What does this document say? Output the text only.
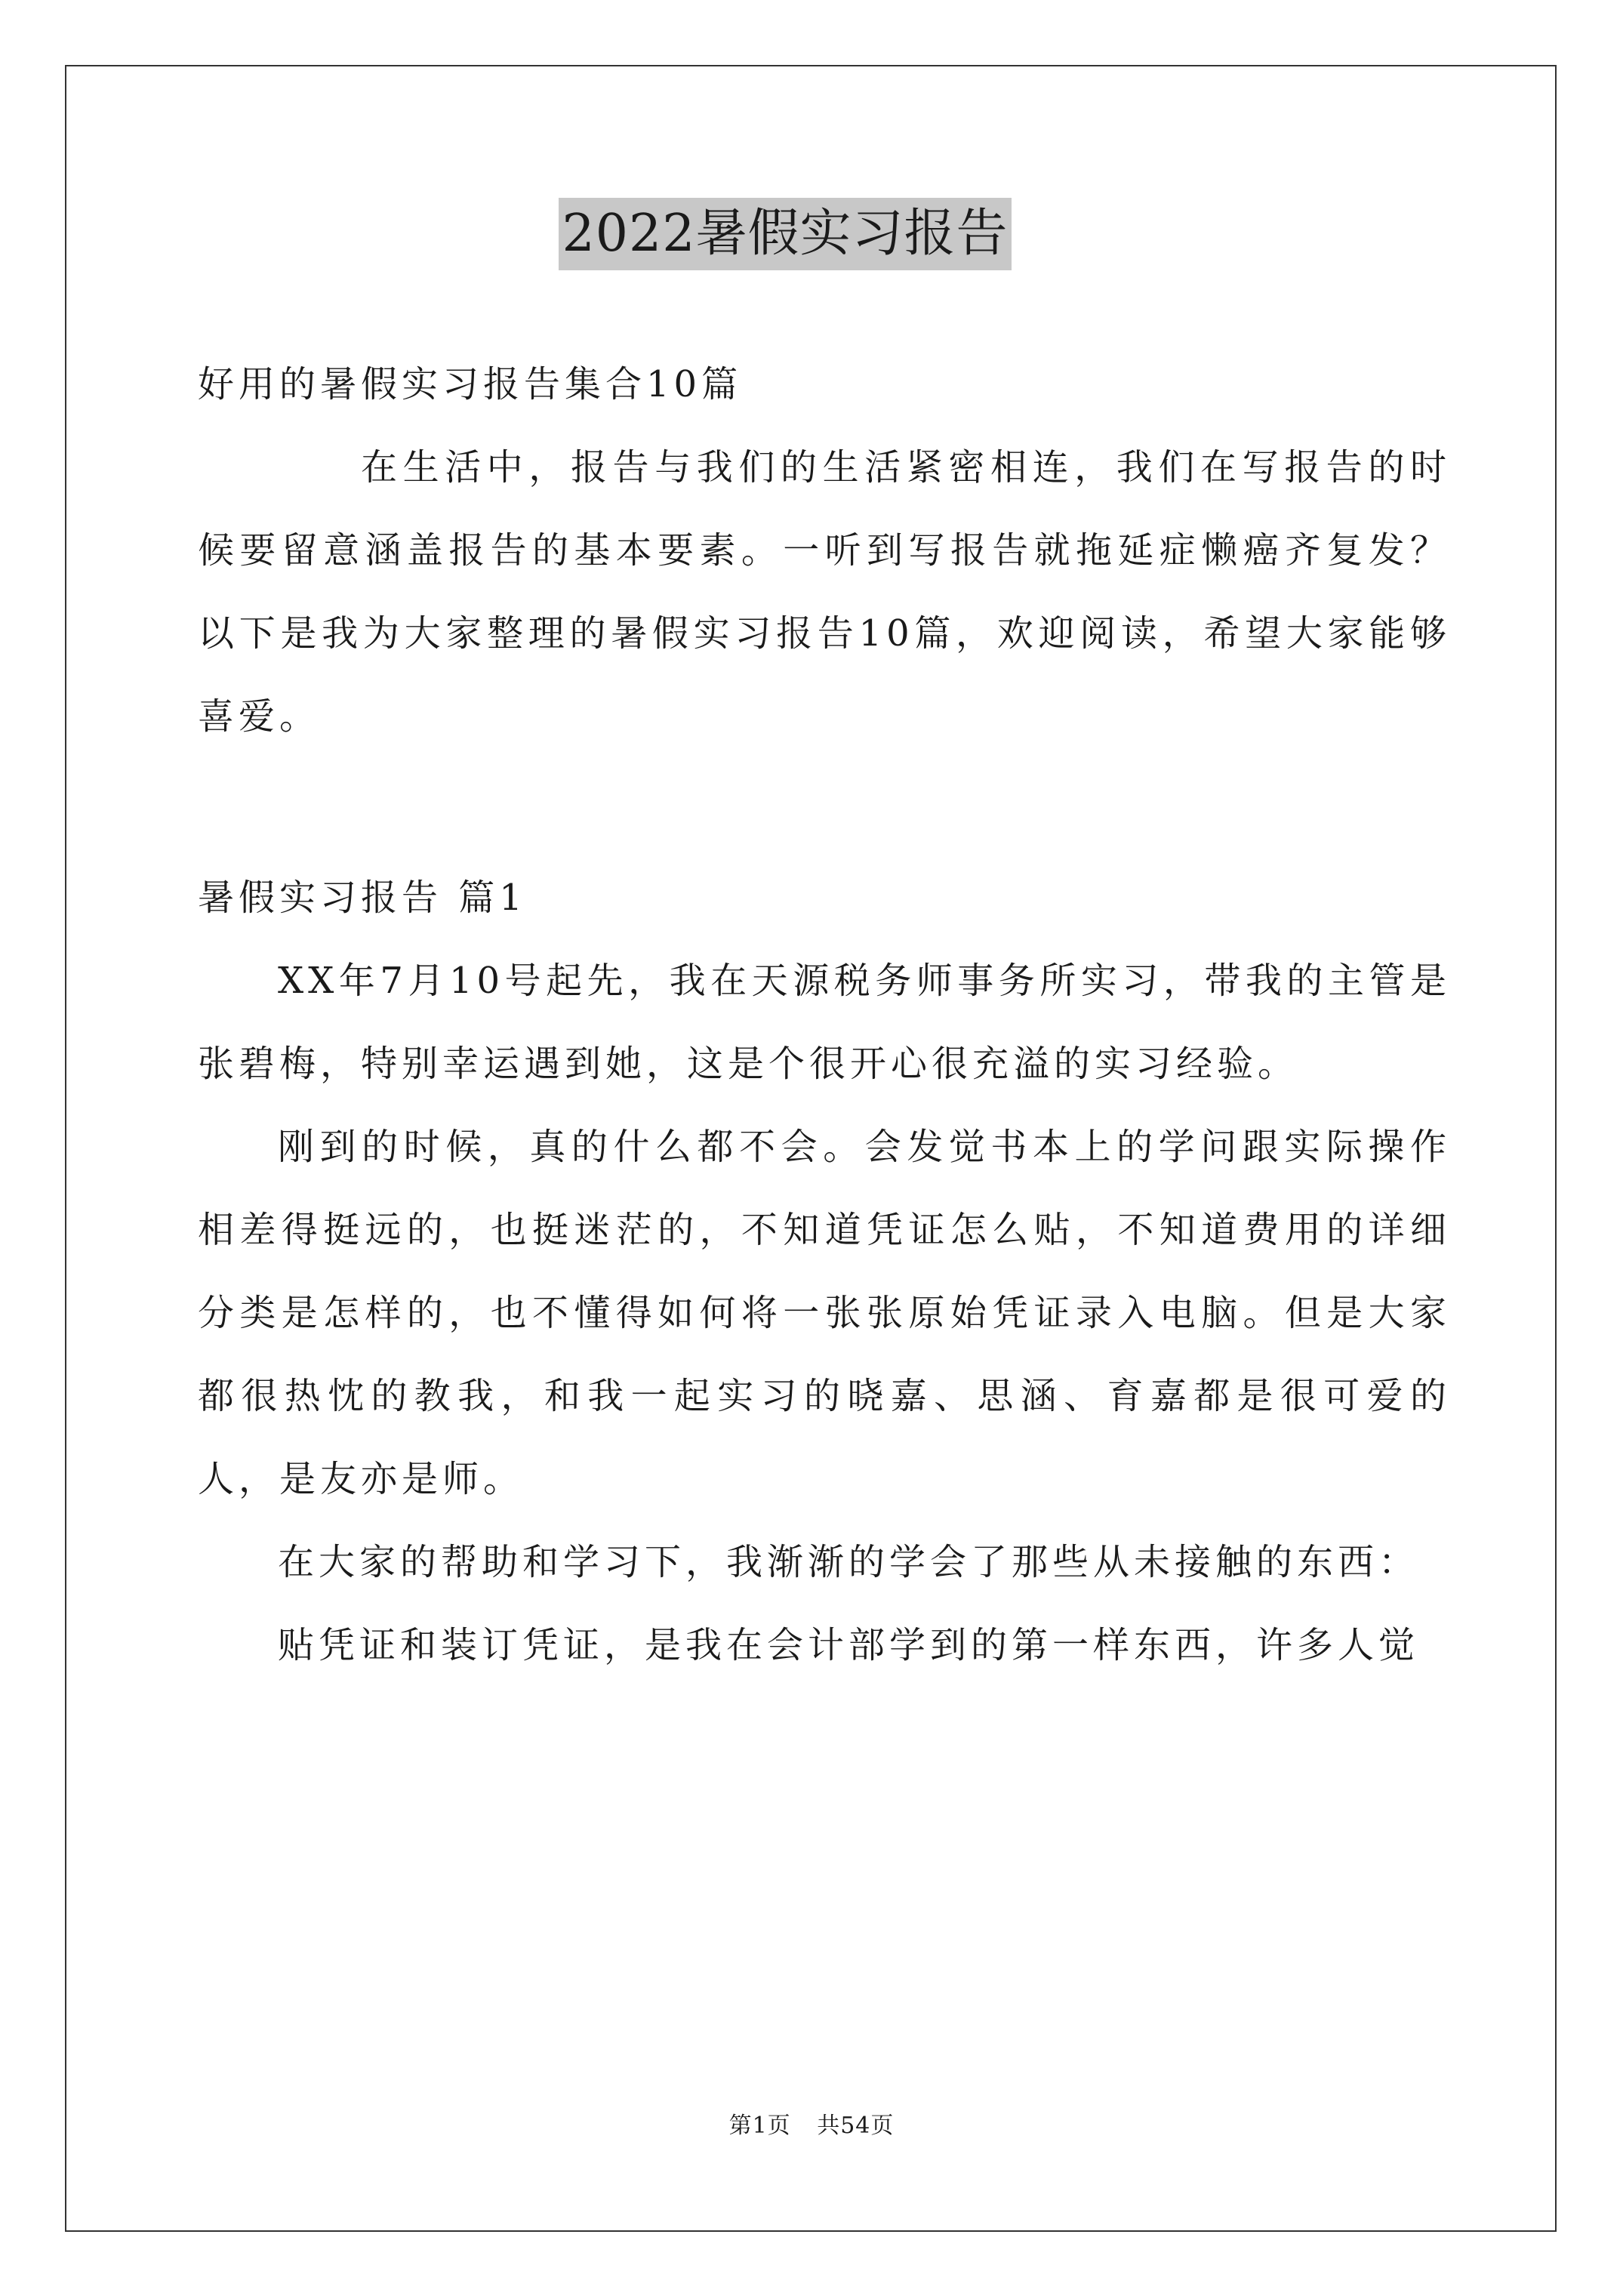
2022暑假实习报告

好用的暑假实习报告集合10篇

在生活中，报告与我们的生活紧密相连，我们在写报告的时候要留意涵盖报告的基本要素。一听到写报告就拖延症懒癌齐复发？以下是我为大家整理的暑假实习报告10篇，欢迎阅读，希望大家能够喜爱。

暑假实习报告 篇1

XX年7月10号起先，我在天源税务师事务所实习，带我的主管是张碧梅，特别幸运遇到她，这是个很开心很充溢的实习经验。

刚到的时候，真的什么都不会。会发觉书本上的学问跟实际操作相差得挺远的，也挺迷茫的，不知道凭证怎么贴，不知道费用的详细分类是怎样的，也不懂得如何将一张张原始凭证录入电脑。但是大家都很热忱的教我，和我一起实习的晓嘉、思涵、育嘉都是很可爱的人，是友亦是师。

在大家的帮助和学习下，我渐渐的学会了那些从未接触的东西：

贴凭证和装订凭证，是我在会计部学到的第一样东西，许多人觉

第1页 共54页
